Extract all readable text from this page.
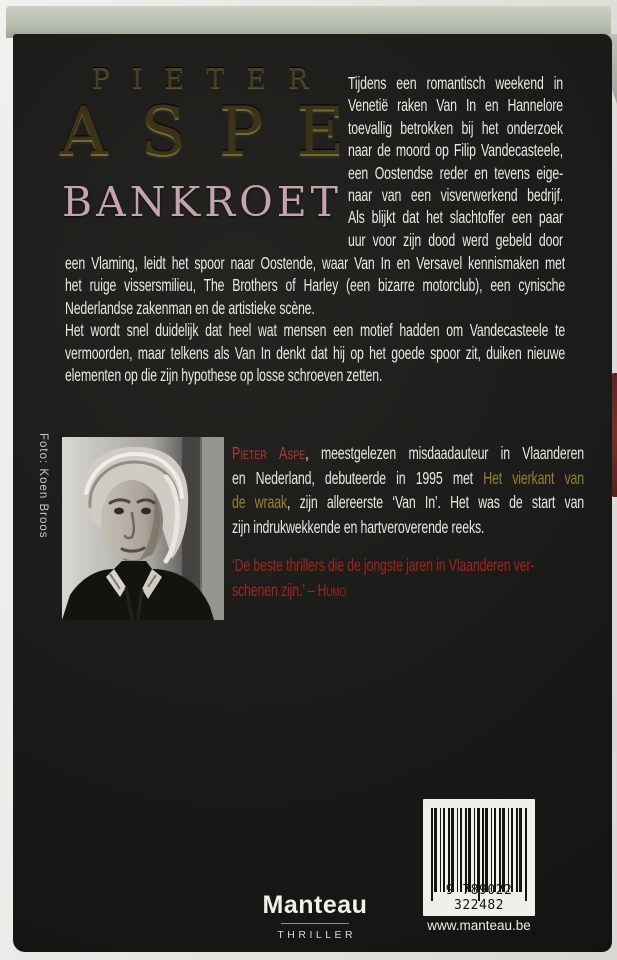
PIETER
ASPE
BANKROET
Tijdens een romantisch weekend in
Venetië raken Van In en Hannelore
toevallig betrokken bij het onderzoek
naar de moord op Filip Vandecasteele,
een Oostendse reder en tevens eige-
naar van een visverwerkend bedrijf.
Als blijkt dat het slachtoffer een paar
uur voor zijn dood werd gebeld door
een Vlaming, leidt het spoor naar Oostende, waar Van In en Versavel kennismaken met
het ruige vissersmilieu, The Brothers of Harley (een bizarre motorclub), een cynische
Nederlandse zakenman en de artistieke scène.
Het wordt snel duidelijk dat heel wat mensen een motief hadden om Vandecasteele te
vermoorden, maar telkens als Van In denkt dat hij op het goede spoor zit, duiken nieuwe
elementen op die zijn hypothese op losse schroeven zetten.
Foto: Koen Broos	Pieter Aspe, meestgelezen misdaadauteur in Vlaanderen
en Nederland, debuteerde in 1995 met Het vierkant van
de wraak, zijn allereerste ‘Van In’. Het was de start van
zijn indrukwekkende en hartveroverende reeks.
‘De beste thrillers die de jongste jaren in Vlaanderen ver-
schenen zijn.’ – Humo
9 789022 322482
Manteau
THRILLER
www.manteau.be
